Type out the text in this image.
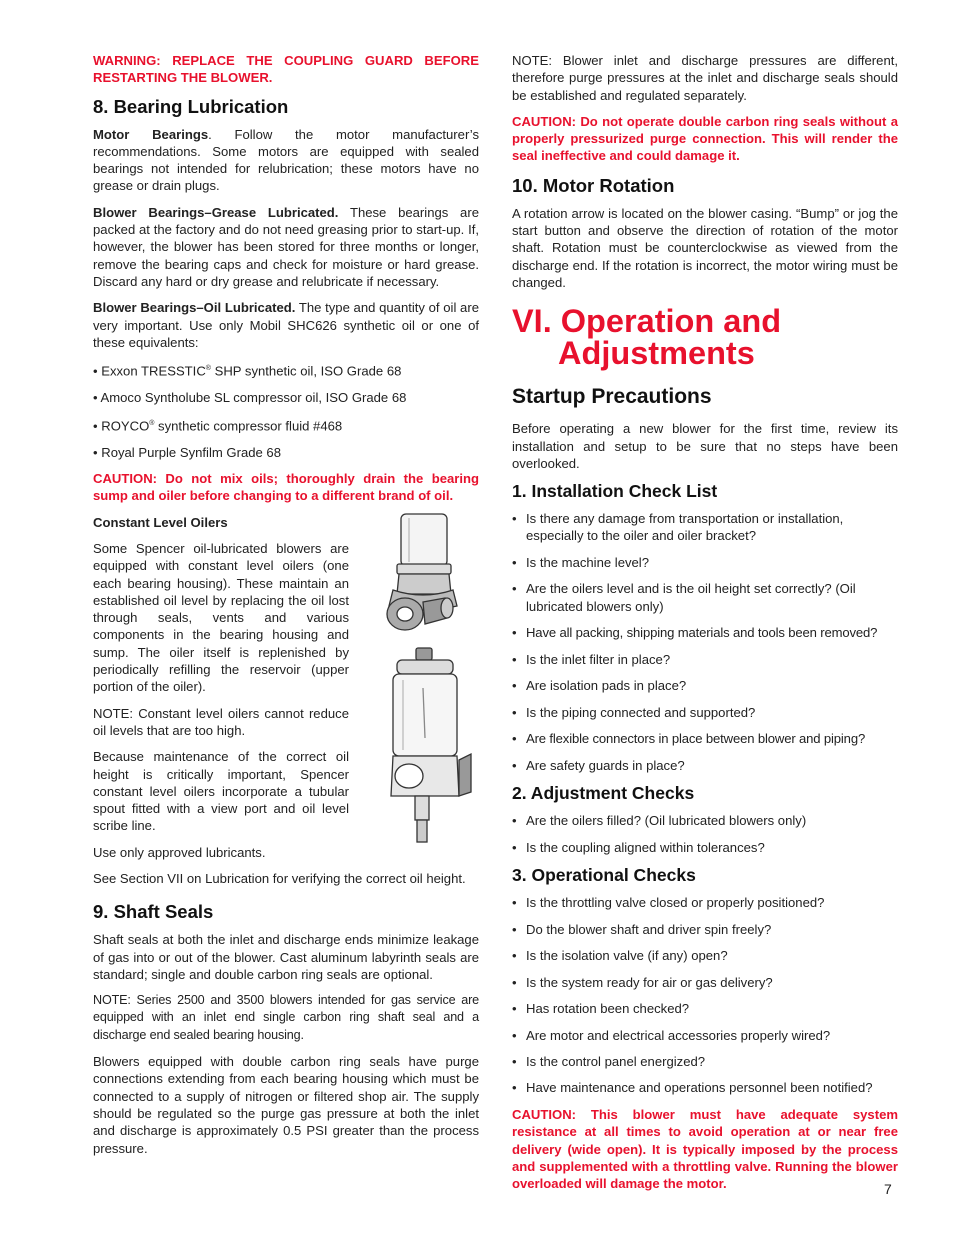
WARNING: REPLACE THE COUPLING GUARD BEFORE RESTARTING THE BLOWER.

8. Bearing Lubrication

Motor Bearings. Follow the motor manufacturer’s recommendations. Some motors are equipped with sealed bearings not intended for relubrication; these motors have no grease or drain plugs.

Blower Bearings–Grease Lubricated. These bearings are packed at the factory and do not need greasing prior to start-up. If, however, the blower has been stored for three months or longer, remove the bearing caps and check for moisture or hard grease. Discard any hard or dry grease and relubricate if necessary.

Blower Bearings–Oil Lubricated. The type and quantity of oil are very important. Use only Mobil SHC626 synthetic oil or one of these equivalents:

• Exxon TRESSTIC® SHP synthetic oil, ISO Grade 68

• Amoco Syntholube SL compressor oil, ISO Grade 68

• ROYCO® synthetic compressor fluid #468

• Royal Purple Synfilm Grade 68

CAUTION: Do not mix oils; thoroughly drain the bearing sump and oiler before changing to a different brand of oil.

Constant Level Oilers

Some Spencer oil-lubricated blowers are equipped with constant level oilers (one each bearing housing). These maintain an established oil level by replacing the oil lost through seals, vents and various components in the bearing housing and sump. The oiler itself is replenished by periodically refilling the reservoir (upper portion of the oiler).

NOTE: Constant level oilers cannot reduce oil levels that are too high.

Because maintenance of the correct oil height is critically important, Spencer constant level oilers incorporate a tubular spout fitted with a view port and oil level scribe line.

Use only approved lubricants.

See Section VII on Lubrication for verifying the correct oil height.

9. Shaft Seals

Shaft seals at both the inlet and discharge ends minimize leakage of gas into or out of the blower. Cast aluminum labyrinth seals are standard; single and double carbon ring seals are optional.

NOTE: Series 2500 and 3500 blowers intended for gas service are equipped with an inlet end single carbon ring shaft seal and a discharge end sealed bearing housing.

Blowers equipped with double carbon ring seals have purge connections extending from each bearing housing which must be connected to a supply of nitrogen or filtered shop air. The supply should be regulated so the purge gas pressure at both the inlet and discharge is approximately 0.5 PSI greater than the process pressure.

NOTE: Blower inlet and discharge pressures are different, therefore purge pressures at the inlet and discharge seals should be established and regulated separately.

CAUTION: Do not operate double carbon ring seals without a properly pressurized purge connection. This will render the seal ineffective and could damage it.

10. Motor Rotation

A rotation arrow is located on the blower casing. “Bump” or jog the start button and observe the direction of rotation of the motor shaft. Rotation must be counterclockwise as viewed from the discharge end. If the rotation is incorrect, the motor wiring must be changed.

VI. Operation and
Adjustments
Startup Precautions

Before operating a new blower for the first time, review its installation and setup to be sure that no steps have been overlooked.

1. Installation Check List
• Is there any damage from transportation or installation, especially to the oiler and oiler bracket?
• Is the machine level?
• Are the oilers level and is the oil height set correctly? (Oil lubricated blowers only)
• Have all packing, shipping materials and tools been removed?
• Is the inlet filter in place?
• Are isolation pads in place?
• Is the piping connected and supported?
• Are flexible connectors in place between blower and piping?
• Are safety guards in place?
2. Adjustment Checks
• Are the oilers filled? (Oil lubricated blowers only)
• Is the coupling aligned within tolerances?
3. Operational Checks
• Is the throttling valve closed or properly positioned?
• Do the blower shaft and driver spin freely?
• Is the isolation valve (if any) open?
• Is the system ready for air or gas delivery?
• Has rotation been checked?
• Are motor and electrical accessories properly wired?
• Is the control panel energized?
• Have maintenance and operations personnel been notified?

CAUTION: This blower must have adequate system resistance at all times to avoid operation at or near free delivery (wide open). It is typically imposed by the process and supplemented with a throttling valve. Running the blower overloaded will damage the motor.	7
